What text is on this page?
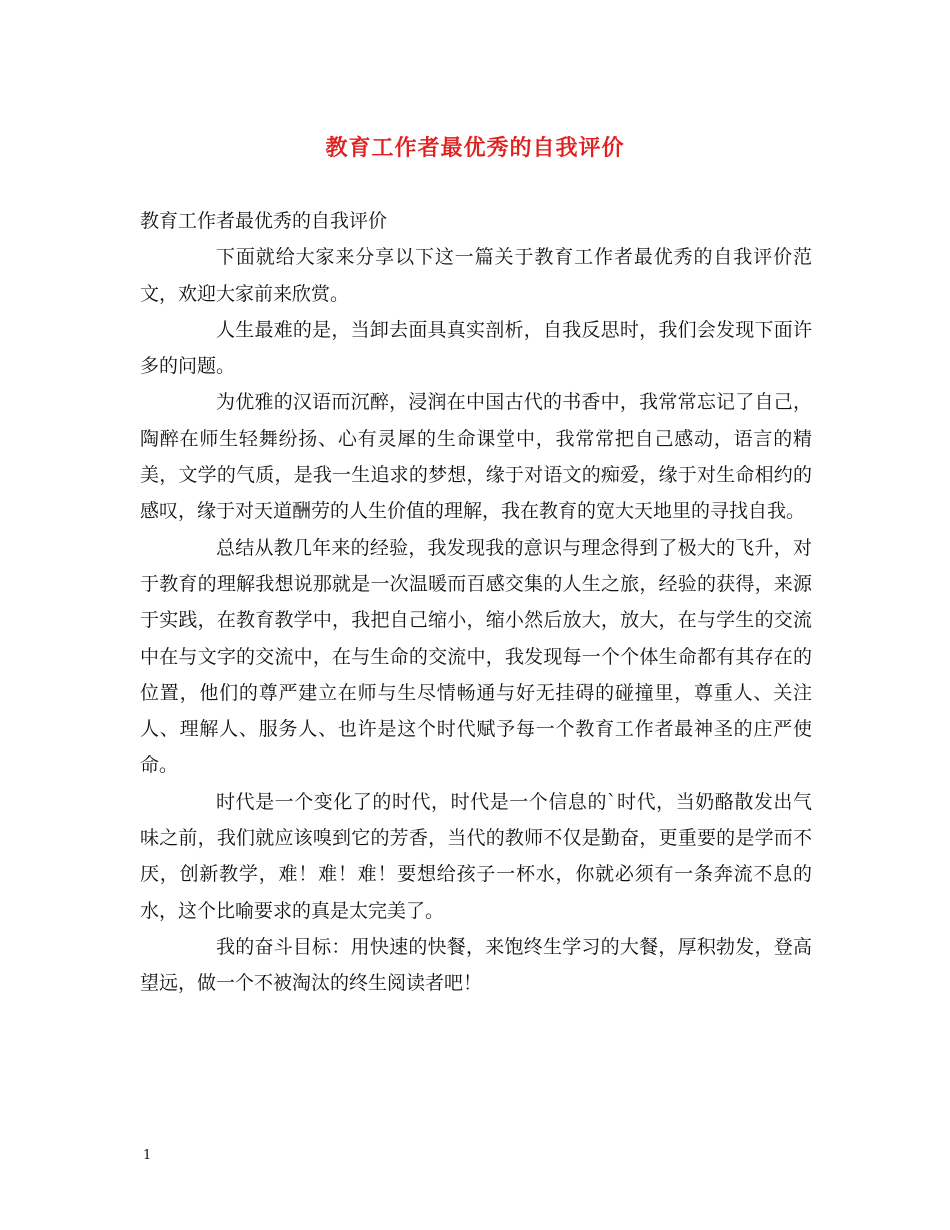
教育工作者最优秀的自我评价

教育工作者最优秀的自我评价

下面就给大家来分享以下这一篇关于教育工作者最优秀的自我评价范文，欢迎大家前来欣赏。

人生最难的是，当卸去面具真实剖析，自我反思时，我们会发现下面许多的问题。

为优雅的汉语而沉醉，浸润在中国古代的书香中，我常常忘记了自己，陶醉在师生轻舞纷扬、心有灵犀的生命课堂中，我常常把自己感动，语言的精美，文学的气质，是我一生追求的梦想，缘于对语文的痴爱，缘于对生命相约的感叹，缘于对天道酬劳的人生价值的理解，我在教育的宽大天地里的寻找自我。

总结从教几年来的经验，我发现我的意识与理念得到了极大的飞升，对于教育的理解我想说那就是一次温暖而百感交集的人生之旅，经验的获得，来源于实践，在教育教学中，我把自己缩小，缩小然后放大，放大，在与学生的交流中在与文字的交流中，在与生命的交流中，我发现每一个个体生命都有其存在的位置，他们的尊严建立在师与生尽情畅通与好无挂碍的碰撞里，尊重人、关注人、理解人、服务人、也许是这个时代赋予每一个教育工作者最神圣的庄严使命。

时代是一个变化了的时代，时代是一个信息的`时代，当奶酪散发出气味之前，我们就应该嗅到它的芳香，当代的教师不仅是勤奋，更重要的是学而不厌，创新教学，难！难！难！要想给孩子一杯水，你就必须有一条奔流不息的水，这个比喻要求的真是太完美了。

我的奋斗目标：用快速的快餐，来饱终生学习的大餐，厚积勃发，登高望远，做一个不被淘汰的终生阅读者吧！

1
